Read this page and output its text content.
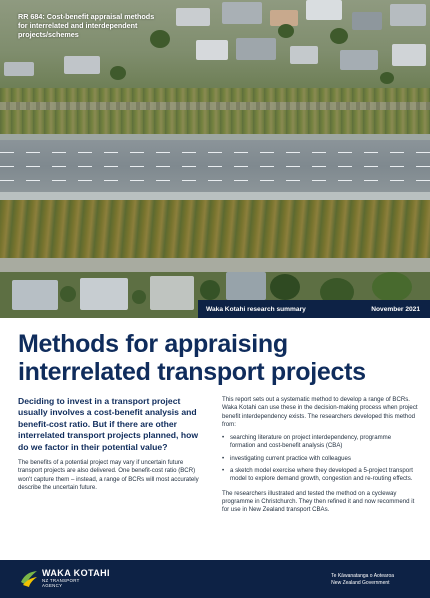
RR 684: Cost-benefit appraisal methods
for interrelated and interdependent
projects/schemes
Waka Kotahi research summary	November 2021
Methods for appraising
interrelated transport projects

Deciding to invest in a transport project usually involves a cost-benefit analysis and benefit-cost ratio. But if there are other interrelated transport projects planned, how do we factor in their potential value?

The benefits of a potential project may vary if uncertain future transport projects are also delivered. One benefit-cost ratio (BCR) won't capture them – instead, a range of BCRs will most accurately describe the uncertain future.

This report sets out a systematic method to develop a range of BCRs. Waka Kotahi can use these in the decision-making process when project benefit interdependency exists. The researchers developed this method from:

• searching literature on project interdependency, programme formation and cost-benefit analysis (CBA)
• investigating current practice with colleagues
• a sketch model exercise where they developed a 5-project transport model to explore demand growth, congestion and re-routing effects.

The researchers illustrated and tested the method on a cycleway programme in Christchurch. They then refined it and now recommend it for use in New Zealand transport CBAs.

WAKA KOTAHI
NZ TRANSPORT
AGENCY
Te Kāwanatanga o Aotearoa
New Zealand Government
